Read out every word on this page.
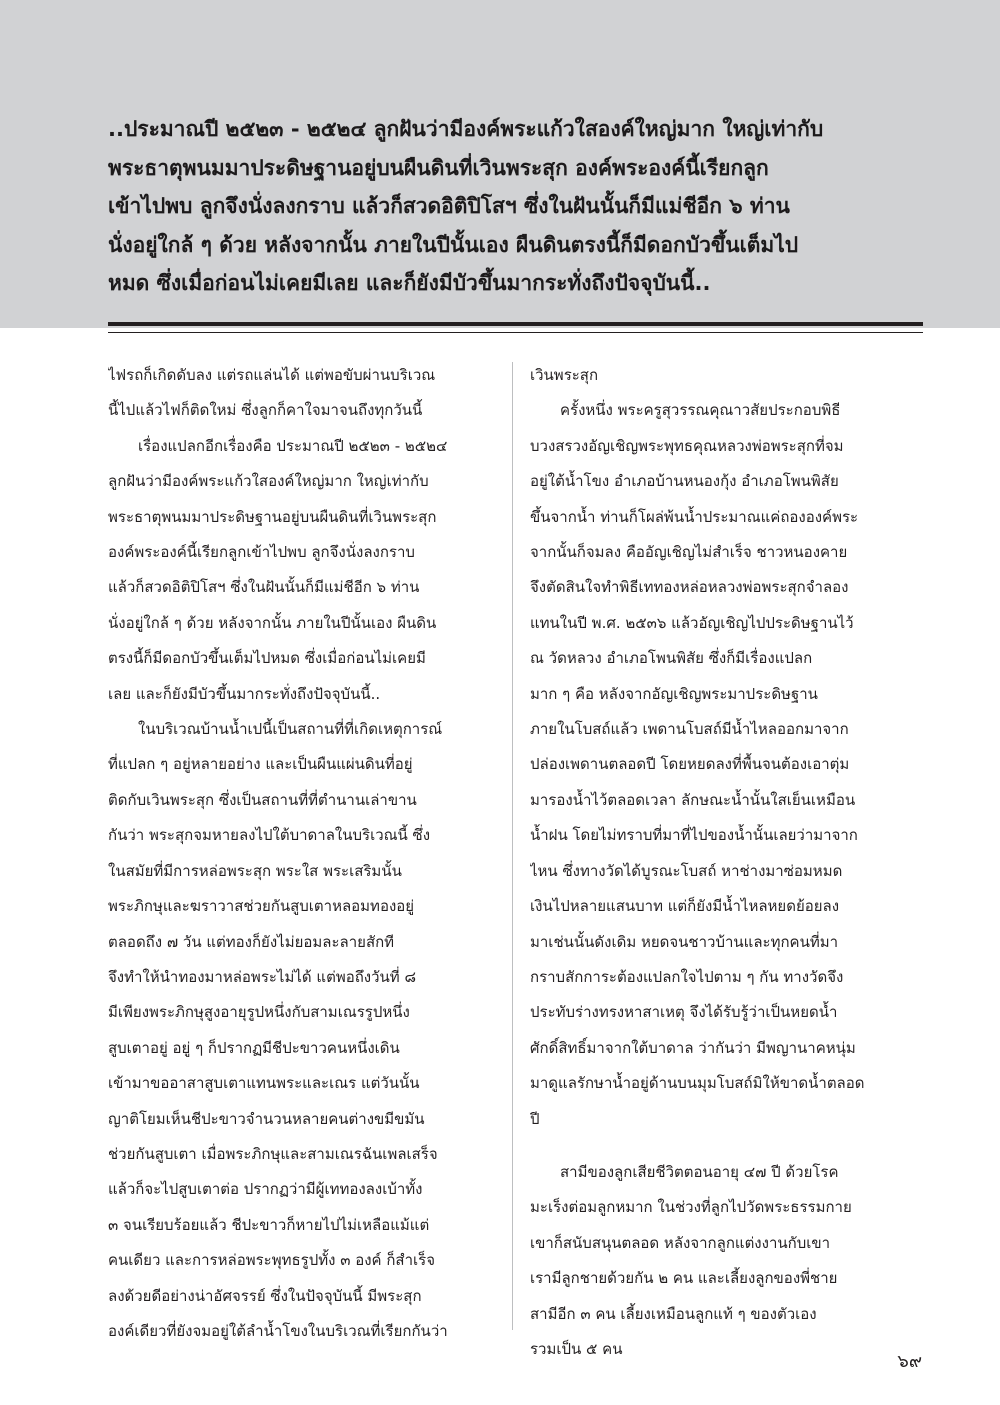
..ประมาณปี ๒๕๒๓ - ๒๕๒๔ ลูกฝันว่ามีองค์พระแก้วใสองค์ใหญ่มาก ใหญ่เท่ากับ
พระธาตุพนมมาประดิษฐานอยู่บนผืนดินที่เวินพระสุก องค์พระองค์นี้เรียกลูก
เข้าไปพบ ลูกจึงนั่งลงกราบ แล้วก็สวดอิติปิโสฯ ซึ่งในฝันนั้นก็มีแม่ชีอีก ๖ ท่าน
นั่งอยู่ใกล้ ๆ ด้วย หลังจากนั้น ภายในปีนั้นเอง ผืนดินตรงนี้ก็มีดอกบัวขึ้นเต็มไป
หมด ซึ่งเมื่อก่อนไม่เคยมีเลย และก็ยังมีบัวขึ้นมากระทั่งถึงปัจจุบันนี้..

ไฟรถก็เกิดดับลง แต่รถแล่นได้ แต่พอขับผ่านบริเวณ
นี้ไปแล้วไฟก็ติดใหม่ ซึ่งลูกก็คาใจมาจนถึงทุกวันนี้
เรื่องแปลกอีกเรื่องคือ ประมาณปี ๒๕๒๓ - ๒๕๒๔
ลูกฝันว่ามีองค์พระแก้วใสองค์ใหญ่มาก ใหญ่เท่ากับ
พระธาตุพนมมาประดิษฐานอยู่บนผืนดินที่เวินพระสุก
องค์พระองค์นี้เรียกลูกเข้าไปพบ ลูกจึงนั่งลงกราบ
แล้วก็สวดอิติปิโสฯ ซึ่งในฝันนั้นก็มีแม่ชีอีก ๖ ท่าน
นั่งอยู่ใกล้ ๆ ด้วย หลังจากนั้น ภายในปีนั้นเอง ผืนดิน
ตรงนี้ก็มีดอกบัวขึ้นเต็มไปหมด ซึ่งเมื่อก่อนไม่เคยมี
เลย และก็ยังมีบัวขึ้นมากระทั่งถึงปัจจุบันนี้..
ในบริเวณบ้านน้ำเปนี้เป็นสถานที่ที่เกิดเหตุการณ์
ที่แปลก ๆ อยู่หลายอย่าง และเป็นผืนแผ่นดินที่อยู่
ติดกับเวินพระสุก ซึ่งเป็นสถานที่ที่ตำนานเล่าขาน
กันว่า พระสุกจมหายลงไปใต้บาดาลในบริเวณนี้ ซึ่ง
ในสมัยที่มีการหล่อพระสุก พระใส พระเสริมนั้น
พระภิกษุและฆราวาสช่วยกันสูบเตาหลอมทองอยู่
ตลอดถึง ๗ วัน แต่ทองก็ยังไม่ยอมละลายสักที
จึงทำให้นำทองมาหล่อพระไม่ได้ แต่พอถึงวันที่ ๘
มีเพียงพระภิกษุสูงอายุรูปหนึ่งกับสามเณรรูปหนึ่ง
สูบเตาอยู่ อยู่ ๆ ก็ปรากฏมีชีปะขาวคนหนึ่งเดิน
เข้ามาขออาสาสูบเตาแทนพระและเณร แต่วันนั้น
ญาติโยมเห็นชีปะขาวจำนวนหลายคนต่างขมีขมัน
ช่วยกันสูบเตา เมื่อพระภิกษุและสามเณรฉันเพลเสร็จ
แล้วก็จะไปสูบเตาต่อ ปรากฏว่ามีผู้เททองลงเบ้าทั้ง
๓ จนเรียบร้อยแล้ว ชีปะขาวก็หายไปไม่เหลือแม้แต่
คนเดียว และการหล่อพระพุทธรูปทั้ง ๓ องค์ ก็สำเร็จ
ลงด้วยดีอย่างน่าอัศจรรย์ ซึ่งในปัจจุบันนี้ มีพระสุก
องค์เดียวที่ยังจมอยู่ใต้ลำน้ำโขงในบริเวณที่เรียกกันว่า
เวินพระสุก
ครั้งหนึ่ง พระครูสุวรรณคุณาวสัยประกอบพิธี
บวงสรวงอัญเชิญพระพุทธคุณหลวงพ่อพระสุกที่จม
อยู่ใต้น้ำโขง อำเภอบ้านหนองกุ้ง อำเภอโพนพิสัย
ขึ้นจากน้ำ ท่านก็โผล่พ้นน้ำประมาณแค่ถององค์พระ
จากนั้นก็จมลง คืออัญเชิญไม่สำเร็จ ชาวหนองคาย
จึงตัดสินใจทำพิธีเททองหล่อหลวงพ่อพระสุกจำลอง
แทนในปี พ.ศ. ๒๕๓๖ แล้วอัญเชิญไปประดิษฐานไว้
ณ วัดหลวง อำเภอโพนพิสัย ซึ่งก็มีเรื่องแปลก
มาก ๆ คือ หลังจากอัญเชิญพระมาประดิษฐาน
ภายในโบสถ์แล้ว เพดานโบสถ์มีน้ำไหลออกมาจาก
ปล่องเพดานตลอดปี โดยหยดลงที่พื้นจนต้องเอาตุ่ม
มารองน้ำไว้ตลอดเวลา ลักษณะน้ำนั้นใสเย็นเหมือน
น้ำฝน โดยไม่ทราบที่มาที่ไปของน้ำนั้นเลยว่ามาจาก
ไหน ซึ่งทางวัดได้บูรณะโบสถ์ หาช่างมาซ่อมหมด
เงินไปหลายแสนบาท แต่ก็ยังมีน้ำไหลหยดย้อยลง
มาเช่นนั้นดังเดิม หยดจนชาวบ้านและทุกคนที่มา
กราบสักการะต้องแปลกใจไปตาม ๆ กัน ทางวัดจึง
ประทับร่างทรงหาสาเหตุ จึงได้รับรู้ว่าเป็นหยดน้ำ
ศักดิ์สิทธิ์มาจากใต้บาดาล ว่ากันว่า มีพญานาคหนุ่ม
มาดูแลรักษาน้ำอยู่ด้านบนมุมโบสถ์มิให้ขาดน้ำตลอด
ปี
สามีของลูกเสียชีวิตตอนอายุ ๔๗ ปี ด้วยโรค
มะเร็งต่อมลูกหมาก ในช่วงที่ลูกไปวัดพระธรรมกาย
เขาก็สนับสนุนตลอด หลังจากลูกแต่งงานกับเขา
เรามีลูกชายด้วยกัน ๒ คน และเลี้ยงลูกของพี่ชาย
สามีอีก ๓ คน เลี้ยงเหมือนลูกแท้ ๆ ของตัวเอง
รวมเป็น ๕ คน
๖๙
